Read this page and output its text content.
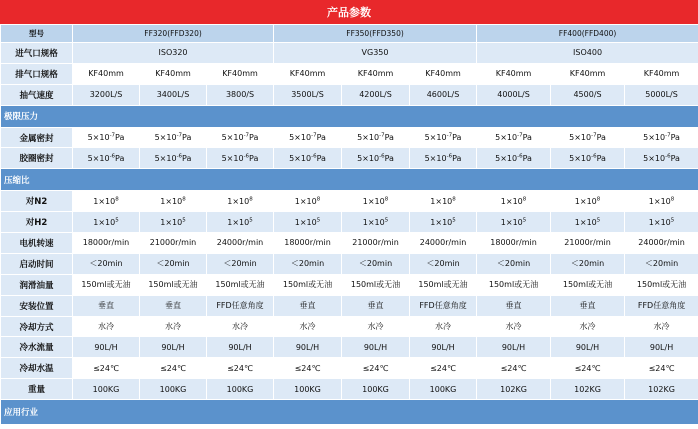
产品参数
型号	FF320(FFD320)			FF350(FFD350)			FF400(FFD400)		
进气口规格	ISO320			VG350			ISO400		
排气口规格	KF40mm	KF40mm	KF40mm	KF40mm	KF40mm	KF40mm	KF40mm	KF40mm	KF40mm
抽气速度	3200L/S	3400L/S	3800/S	3500L/S	4200L/S	4600L/S	4000L/S	4500/S	5000L/S
极限压力									
金属密封	$5\times 10^{-7}Pa$	$5\times 10^{-7}Pa$	$5\times 10^{-7}Pa$	$5\times 10^{-7}Pa$	$5\times 10^{-7}Pa$	$5\times 10^{-7}Pa$	$5\times 10^{-7}Pa$	$5\times 10^{-7}Pa$	$5\times 10^{-7}Pa$
胶圈密封	$5\times 10^{-6}Pa$	$5\times 10^{-6}Pa$	$5\times 10^{-6}Pa$	$5\times 10^{-6}Pa$	$5\times 10^{-6}Pa$	$5\times 10^{-6}Pa$	$5\times 10^{-6}Pa$	$5\times 10^{-6}Pa$	$5\times 10^{-6}Pa$
压缩比									
对N2	$1\times 10^8$	$1\times 10^8$	$1\times 10^8$	$1\times 10^8$	$1\times 10^8$	$1\times 10^8$	$1\times 10^8$	$1\times 10^8$	$1\times 10^8$
对H2	$1\times 10^5$	$1\times 10^5$	$1\times 10^5$	$1\times 10^5$	$1\times 10^5$	$1\times 10^5$	$1\times 10^5$	$1\times 10^5$	$1\times 10^5$
电机转速	18000r/min	21000r/min	24000r/min	18000r/min	21000r/min	24000r/min	18000r/min	21000r/min	24000r/min
启动时间	＜20min	＜20min	＜20min	＜20min	＜20min	＜20min	＜20min	＜20min	＜20min
润滑油量	150ml或无油	150ml或无油	150ml或无油	150ml或无油	150ml或无油	150ml或无油	150ml或无油	150ml或无油	150ml或无油
安装位置	垂直	垂直	FFD任意角度	垂直	垂直	FFD任意角度	垂直	垂直	FFD任意角度
冷却方式	水冷	水冷	水冷	水冷	水冷	水冷	水冷	水冷	水冷
冷水流量	90L/H	90L/H	90L/H	90L/H	90L/H	90L/H	90L/H	90L/H	90L/H
冷却水温	≤24℃	≤24℃	≤24℃	≤24℃	≤24℃	≤24℃	≤24℃	≤24℃	≤24℃
重量	100KG	100KG	100KG	100KG	100KG	100KG	102KG	102KG	102KG
应用行业									
